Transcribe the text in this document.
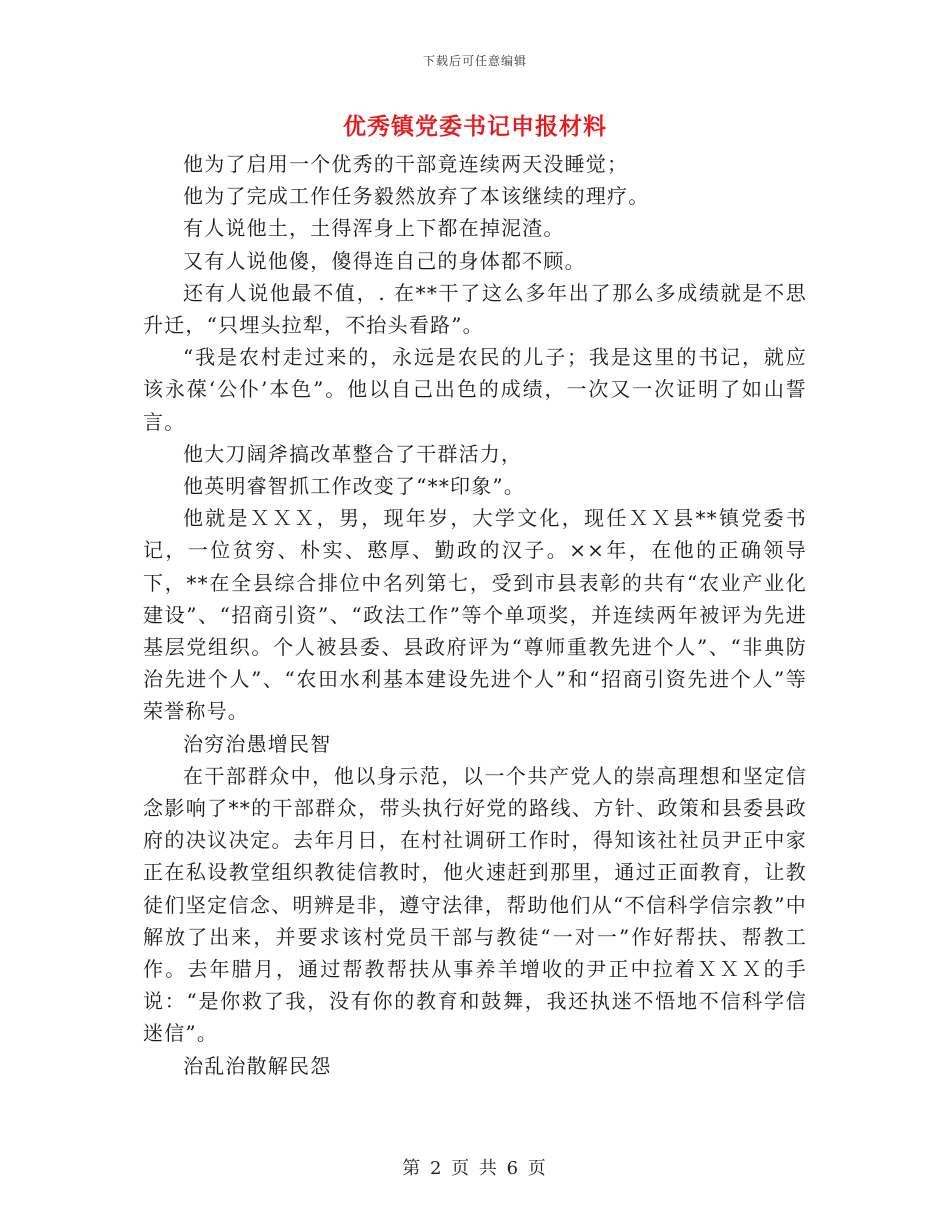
下载后可任意编辑
优秀镇党委书记申报材料

他为了启用一个优秀的干部竟连续两天没睡觉；

他为了完成工作任务毅然放弃了本该继续的理疗。

有人说他土，土得浑身上下都在掉泥渣。

又有人说他傻，傻得连自己的身体都不顾。

还有人说他最不值，. 在**干了这么多年出了那么多成绩就是不思升迁，“只埋头拉犁，不抬头看路”。

“我是农村走过来的，永远是农民的儿子；我是这里的书记，就应该永葆‘公仆’本色”。他以自己出色的成绩，一次又一次证明了如山誓言。

他大刀阔斧搞改革整合了干群活力，

他英明睿智抓工作改变了“**印象”。

他就是ＸＸＸ，男，现年岁，大学文化，现任ＸＸ县**镇党委书记，一位贫穷、朴实、憨厚、勤政的汉子。××年，在他的正确领导下，**在全县综合排位中名列第七，受到市县表彰的共有“农业产业化建设”、“招商引资”、“政法工作”等个单项奖，并连续两年被评为先进基层党组织。个人被县委、县政府评为“尊师重教先进个人”、“非典防治先进个人”、“农田水利基本建设先进个人”和“招商引资先进个人”等荣誉称号。

治穷治愚增民智

在干部群众中，他以身示范，以一个共产党人的崇高理想和坚定信念影响了**的干部群众，带头执行好党的路线、方针、政策和县委县政府的决议决定。去年月日，在村社调研工作时，得知该社社员尹正中家正在私设教堂组织教徒信教时，他火速赶到那里，通过正面教育，让教徒们坚定信念、明辨是非，遵守法律，帮助他们从“不信科学信宗教”中解放了出来，并要求该村党员干部与教徒“一对一”作好帮扶、帮教工作。去年腊月，通过帮教帮扶从事养羊增收的尹正中拉着ＸＸＸ的手说：“是你救了我，没有你的教育和鼓舞，我还执迷不悟地不信科学信迷信”。

治乱治散解民怨

第 2 页 共 6 页
